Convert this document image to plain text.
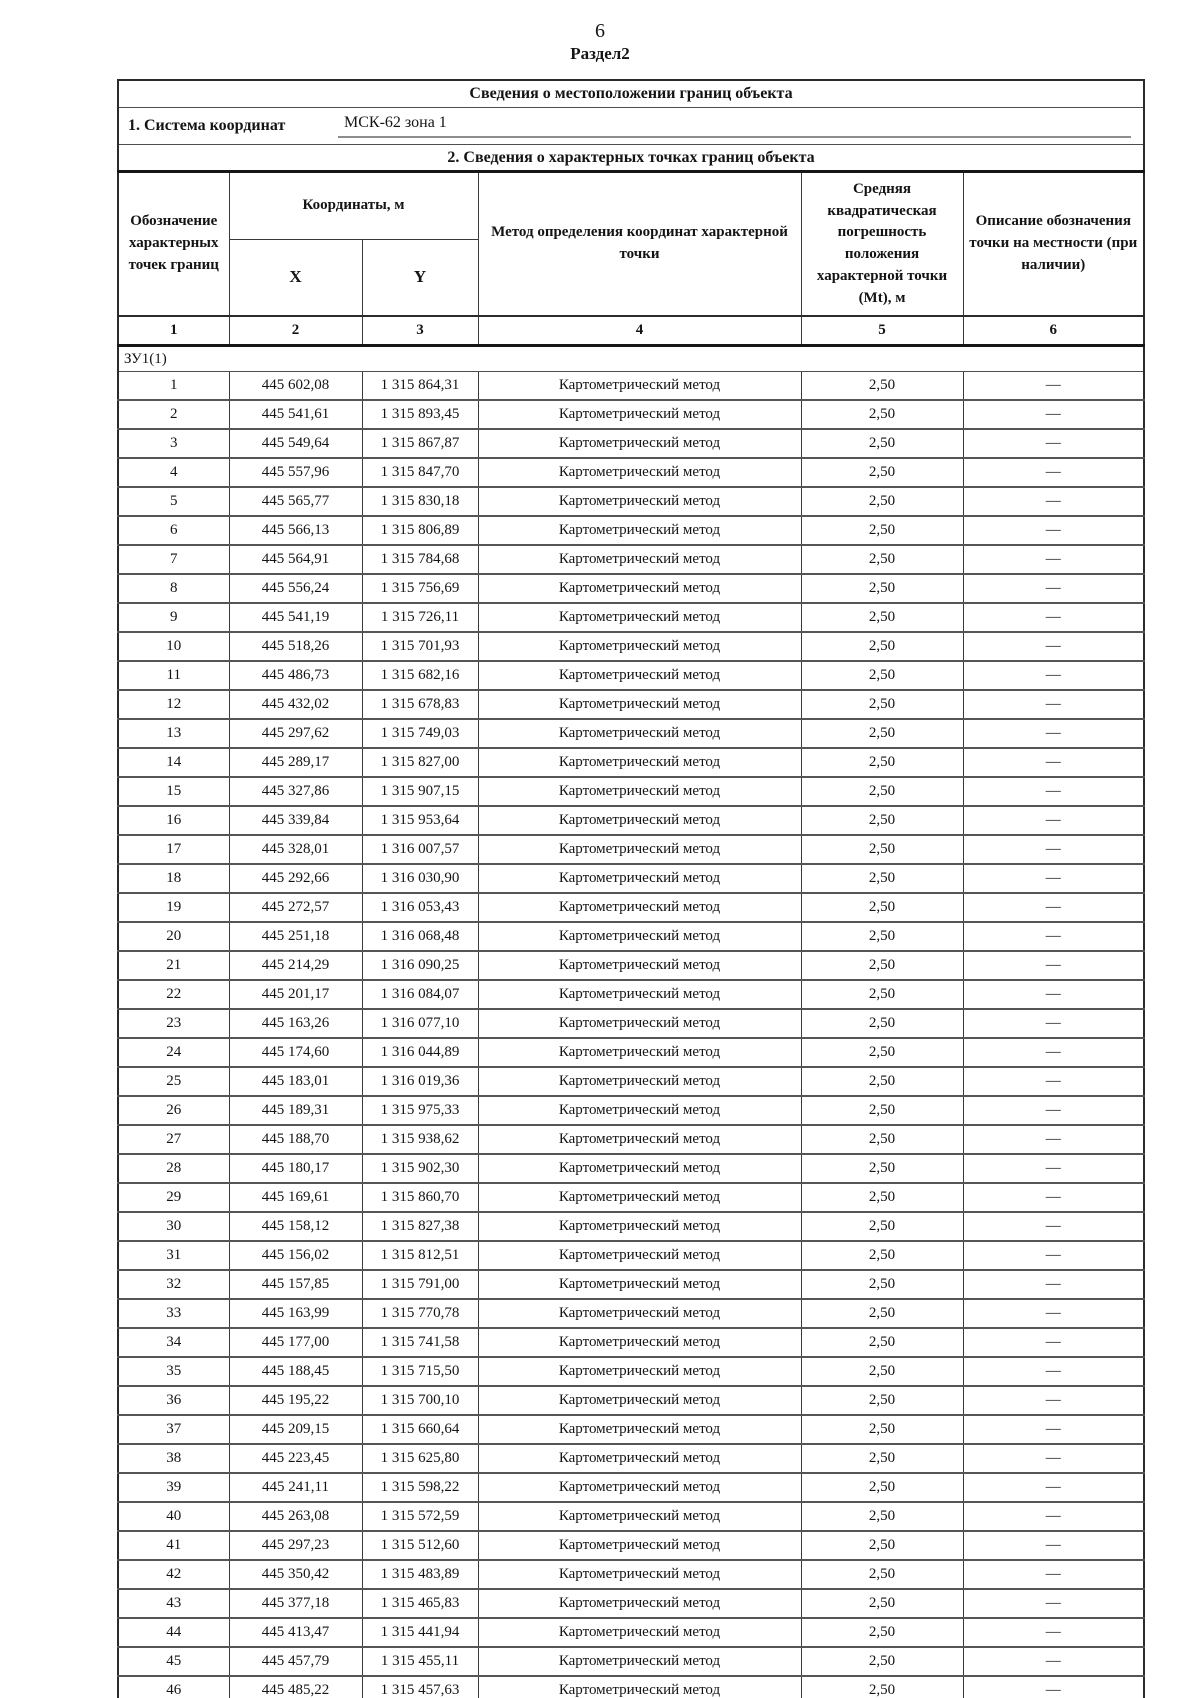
6
Раздел2
Сведения о местоположении границ объекта					

1. Система координат МСК-62 зона 1					

2. Сведения о характерных точках границ объекта					
Обозначение характерных точек границ	Координаты, м		Метод определения координат характерной точки	Средняя квадратическая погрешность положения характерной точки (Mt), м	Описание обозначения точки на местности (при наличии)
	X	Y			
1	2	3	4	5	6
ЗУ1(1)					
1	445 602,08	1 315 864,31	Картометрический метод	2,50	—
2	445 541,61	1 315 893,45	Картометрический метод	2,50	—
3	445 549,64	1 315 867,87	Картометрический метод	2,50	—
4	445 557,96	1 315 847,70	Картометрический метод	2,50	—
5	445 565,77	1 315 830,18	Картометрический метод	2,50	—
6	445 566,13	1 315 806,89	Картометрический метод	2,50	—
7	445 564,91	1 315 784,68	Картометрический метод	2,50	—
8	445 556,24	1 315 756,69	Картометрический метод	2,50	—
9	445 541,19	1 315 726,11	Картометрический метод	2,50	—
10	445 518,26	1 315 701,93	Картометрический метод	2,50	—
11	445 486,73	1 315 682,16	Картометрический метод	2,50	—
12	445 432,02	1 315 678,83	Картометрический метод	2,50	—
13	445 297,62	1 315 749,03	Картометрический метод	2,50	—
14	445 289,17	1 315 827,00	Картометрический метод	2,50	—
15	445 327,86	1 315 907,15	Картометрический метод	2,50	—
16	445 339,84	1 315 953,64	Картометрический метод	2,50	—
17	445 328,01	1 316 007,57	Картометрический метод	2,50	—
18	445 292,66	1 316 030,90	Картометрический метод	2,50	—
19	445 272,57	1 316 053,43	Картометрический метод	2,50	—
20	445 251,18	1 316 068,48	Картометрический метод	2,50	—
21	445 214,29	1 316 090,25	Картометрический метод	2,50	—
22	445 201,17	1 316 084,07	Картометрический метод	2,50	—
23	445 163,26	1 316 077,10	Картометрический метод	2,50	—
24	445 174,60	1 316 044,89	Картометрический метод	2,50	—
25	445 183,01	1 316 019,36	Картометрический метод	2,50	—
26	445 189,31	1 315 975,33	Картометрический метод	2,50	—
27	445 188,70	1 315 938,62	Картометрический метод	2,50	—
28	445 180,17	1 315 902,30	Картометрический метод	2,50	—
29	445 169,61	1 315 860,70	Картометрический метод	2,50	—
30	445 158,12	1 315 827,38	Картометрический метод	2,50	—
31	445 156,02	1 315 812,51	Картометрический метод	2,50	—
32	445 157,85	1 315 791,00	Картометрический метод	2,50	—
33	445 163,99	1 315 770,78	Картометрический метод	2,50	—
34	445 177,00	1 315 741,58	Картометрический метод	2,50	—
35	445 188,45	1 315 715,50	Картометрический метод	2,50	—
36	445 195,22	1 315 700,10	Картометрический метод	2,50	—
37	445 209,15	1 315 660,64	Картометрический метод	2,50	—
38	445 223,45	1 315 625,80	Картометрический метод	2,50	—
39	445 241,11	1 315 598,22	Картометрический метод	2,50	—
40	445 263,08	1 315 572,59	Картометрический метод	2,50	—
41	445 297,23	1 315 512,60	Картометрический метод	2,50	—
42	445 350,42	1 315 483,89	Картометрический метод	2,50	—
43	445 377,18	1 315 465,83	Картометрический метод	2,50	—
44	445 413,47	1 315 441,94	Картометрический метод	2,50	—
45	445 457,79	1 315 455,11	Картометрический метод	2,50	—
46	445 485,22	1 315 457,63	Картометрический метод	2,50	—
